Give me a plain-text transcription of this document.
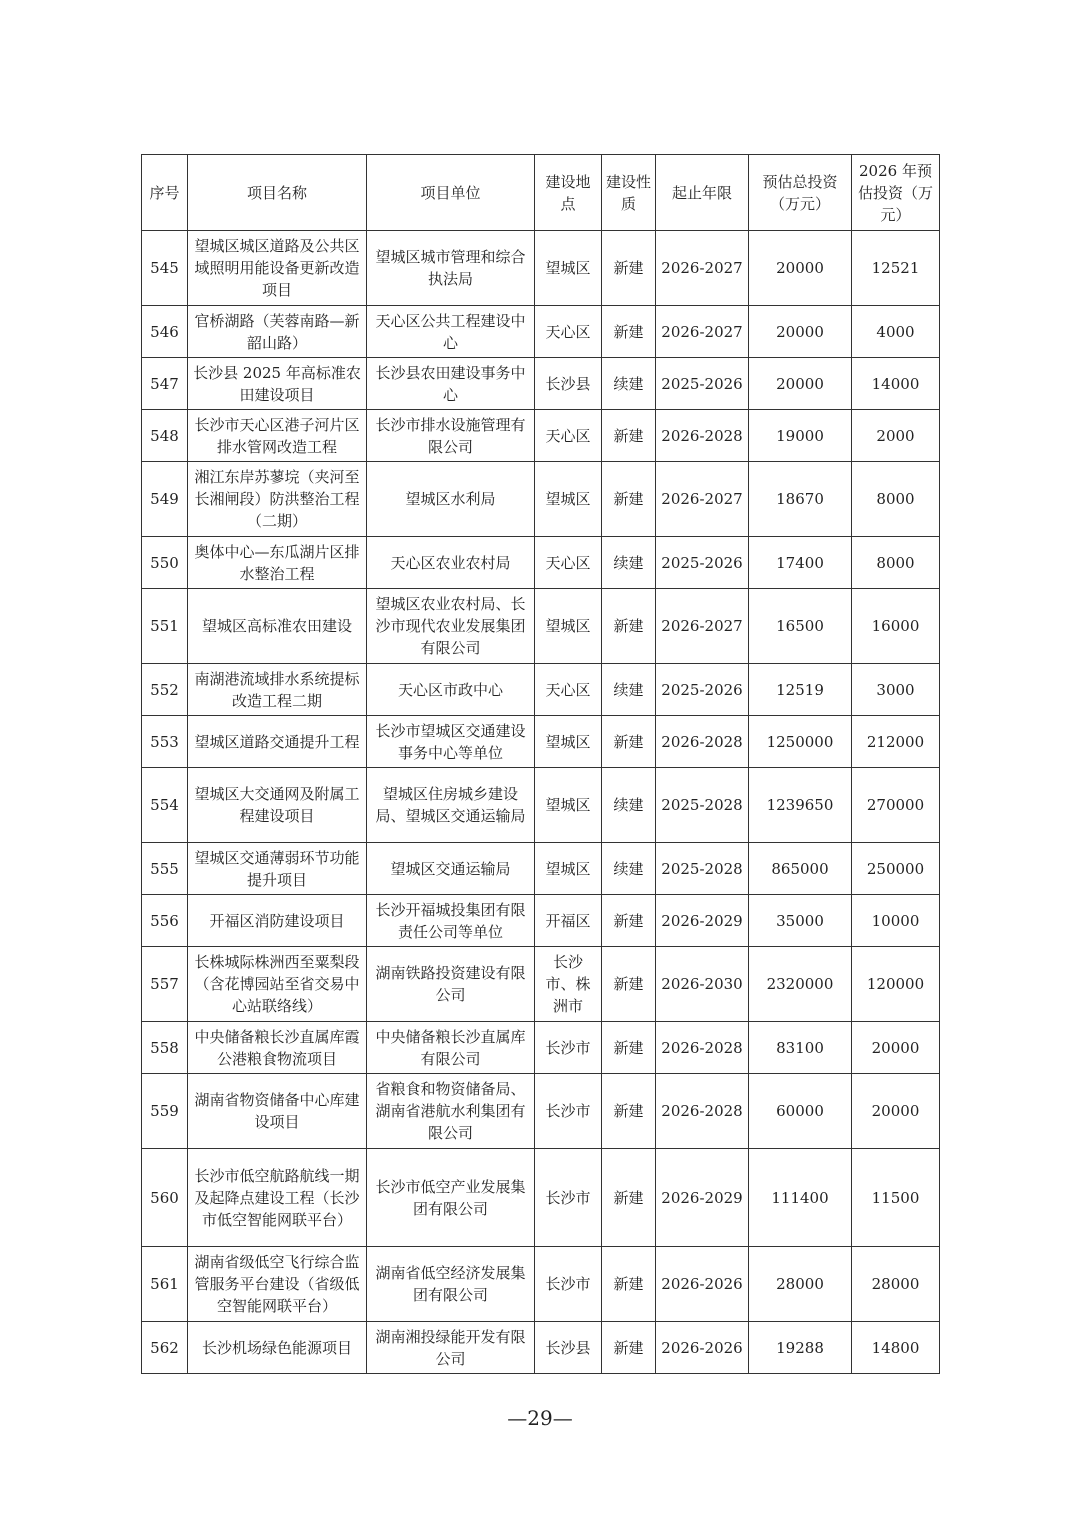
序号	项目名称	项目单位	建设地点	建设性质	起止年限	预估总投资（万元）	2026 年预估投资（万元）
545	望城区城区道路及公共区域照明用能设备更新改造项目	望城区城市管理和综合执法局	望城区	新建	2026-2027	20000	12521
546	官桥湖路（芙蓉南路—新韶山路）	天心区公共工程建设中心	天心区	新建	2026-2027	20000	4000
547	长沙县 2025 年高标准农田建设项目	长沙县农田建设事务中心	长沙县	续建	2025-2026	20000	14000
548	长沙市天心区港子河片区排水管网改造工程	长沙市排水设施管理有限公司	天心区	新建	2026-2028	19000	2000
549	湘江东岸苏蓼垸（夹河至长湘闸段）防洪整治工程（二期）	望城区水利局	望城区	新建	2026-2027	18670	8000
550	奥体中心—东瓜湖片区排水整治工程	天心区农业农村局	天心区	续建	2025-2026	17400	8000
551	望城区高标准农田建设	望城区农业农村局、长沙市现代农业发展集团有限公司	望城区	新建	2026-2027	16500	16000
552	南湖港流域排水系统提标改造工程二期	天心区市政中心	天心区	续建	2025-2026	12519	3000
553	望城区道路交通提升工程	长沙市望城区交通建设事务中心等单位	望城区	新建	2026-2028	1250000	212000
554	望城区大交通网及附属工程建设项目	望城区住房城乡建设局、望城区交通运输局	望城区	续建	2025-2028	1239650	270000
555	望城区交通薄弱环节功能提升项目	望城区交通运输局	望城区	续建	2025-2028	865000	250000
556	开福区消防建设项目	长沙开福城投集团有限责任公司等单位	开福区	新建	2026-2029	35000	10000
557	长株城际株洲西至粟梨段（含花博园站至省交易中心站联络线）	湖南铁路投资建设有限公司	长沙市、株洲市	新建	2026-2030	2320000	120000
558	中央储备粮长沙直属库霞公港粮食物流项目	中央储备粮长沙直属库有限公司	长沙市	新建	2026-2028	83100	20000
559	湖南省物资储备中心库建设项目	省粮食和物资储备局、湖南省港航水利集团有限公司	长沙市	新建	2026-2028	60000	20000
560	长沙市低空航路航线一期及起降点建设工程（长沙市低空智能网联平台）	长沙市低空产业发展集团有限公司	长沙市	新建	2026-2029	111400	11500
561	湖南省级低空飞行综合监管服务平台建设（省级低空智能网联平台）	湖南省低空经济发展集团有限公司	长沙市	新建	2026-2026	28000	28000
562	长沙机场绿色能源项目	湖南湘投绿能开发有限公司	长沙县	新建	2026-2026	19288	14800
—29—
